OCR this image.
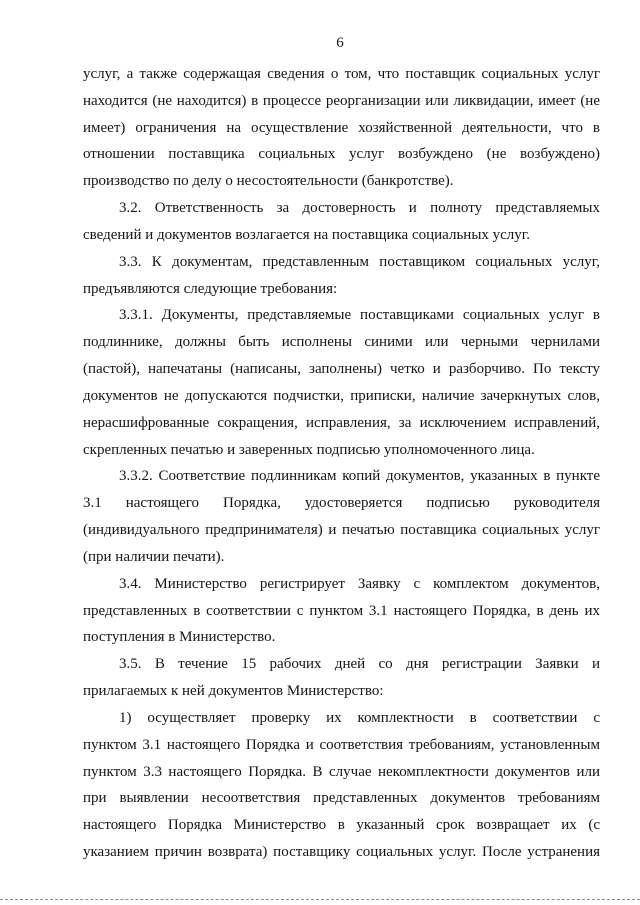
6
услуг, а также содержащая сведения о том, что поставщик социальных услуг
находится (не находится) в процессе реорганизации или ликвидации, имеет (не
имеет) ограничения на осуществление хозяйственной деятельности, что в
отношении поставщика социальных услуг возбуждено (не возбуждено)
производство по делу о несостоятельности (банкротстве).
3.2. Ответственность за достоверность и полноту представляемых
сведений и документов возлагается на поставщика социальных услуг.
3.3. К документам, представленным поставщиком социальных услуг,
предъявляются следующие требования:
3.3.1. Документы, представляемые поставщиками социальных услуг в
подлиннике, должны быть исполнены синими или черными чернилами
(пастой), напечатаны (написаны, заполнены) четко и разборчиво. По тексту
документов не допускаются подчистки, приписки, наличие зачеркнутых слов,
нерасшифрованные сокращения, исправления, за исключением исправлений,
скрепленных печатью и заверенных подписью уполномоченного лица.
3.3.2. Соответствие подлинникам копий документов, указанных в пункте
3.1 настоящего Порядка, удостоверяется подписью руководителя
(индивидуального предпринимателя) и печатью поставщика социальных услуг
(при наличии печати).
3.4. Министерство регистрирует Заявку с комплектом документов,
представленных в соответствии с пунктом 3.1 настоящего Порядка, в день их
поступления в Министерство.
3.5. В течение 15 рабочих дней со дня регистрации Заявки и
прилагаемых к ней документов Министерство:
1) осуществляет проверку их комплектности в соответствии с
пунктом 3.1 настоящего Порядка и соответствия требованиям, установленным
пунктом 3.3 настоящего Порядка. В случае некомплектности документов или
при выявлении несоответствия представленных документов требованиям
настоящего Порядка Министерство в указанный срок возвращает их (с
указанием причин возврата) поставщику социальных услуг. После устранения
